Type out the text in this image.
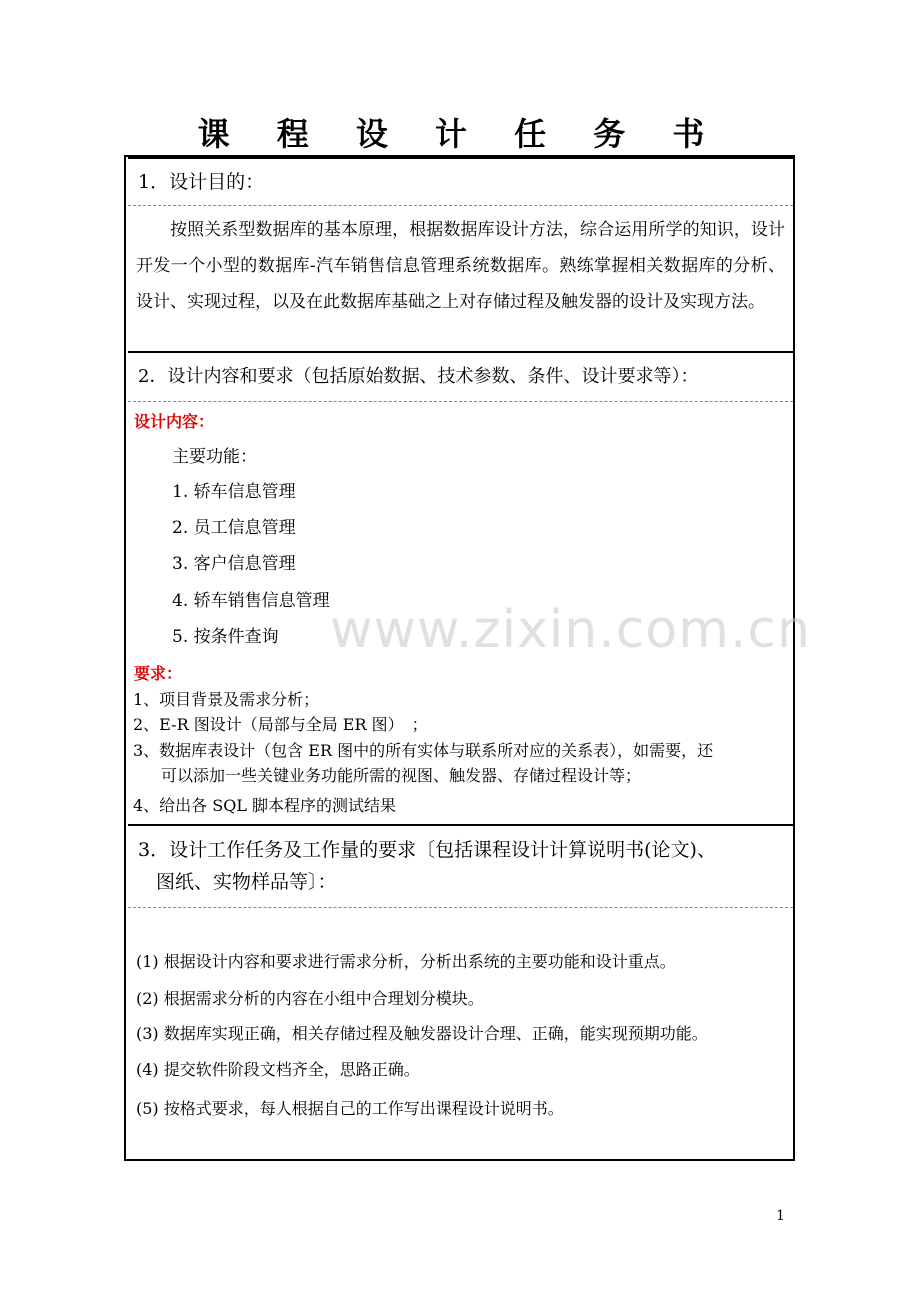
课 程 设 计 任 务 书
1．设计目的：
按照关系型数据库的基本原理，根据数据库设计方法，综合运用所学的知识，设计开发一个小型的数据库-汽车销售信息管理系统数据库。熟练掌握相关数据库的分析、设计、实现过程，以及在此数据库基础之上对存储过程及触发器的设计及实现方法。
2．设计内容和要求（包括原始数据、技术参数、条件、设计要求等）：
设计内容：
主要功能：
1. 轿车信息管理
2. 员工信息管理
3. 客户信息管理
4. 轿车销售信息管理
5. 按条件查询
要求：
1、项目背景及需求分析；
2、E-R 图设计（局部与全局 ER 图）　；
3、数据库表设计（包含 ER 图中的所有实体与联系所对应的关系表），如需要，还
可以添加一些关键业务功能所需的视图、触发器、存储过程设计等；
4、给出各 SQL 脚本程序的测试结果
3．设计工作任务及工作量的要求〔包括课程设计计算说明书(论文)、
图纸、实物样品等〕：
(1) 根据设计内容和要求进行需求分析，分析出系统的主要功能和设计重点。
(2) 根据需求分析的内容在小组中合理划分模块。
(3) 数据库实现正确，相关存储过程及触发器设计合理、正确，能实现预期功能。
(4) 提交软件阶段文档齐全，思路正确。
(5) 按格式要求，每人根据自己的工作写出课程设计说明书。
www.zixin.com.cn
1
